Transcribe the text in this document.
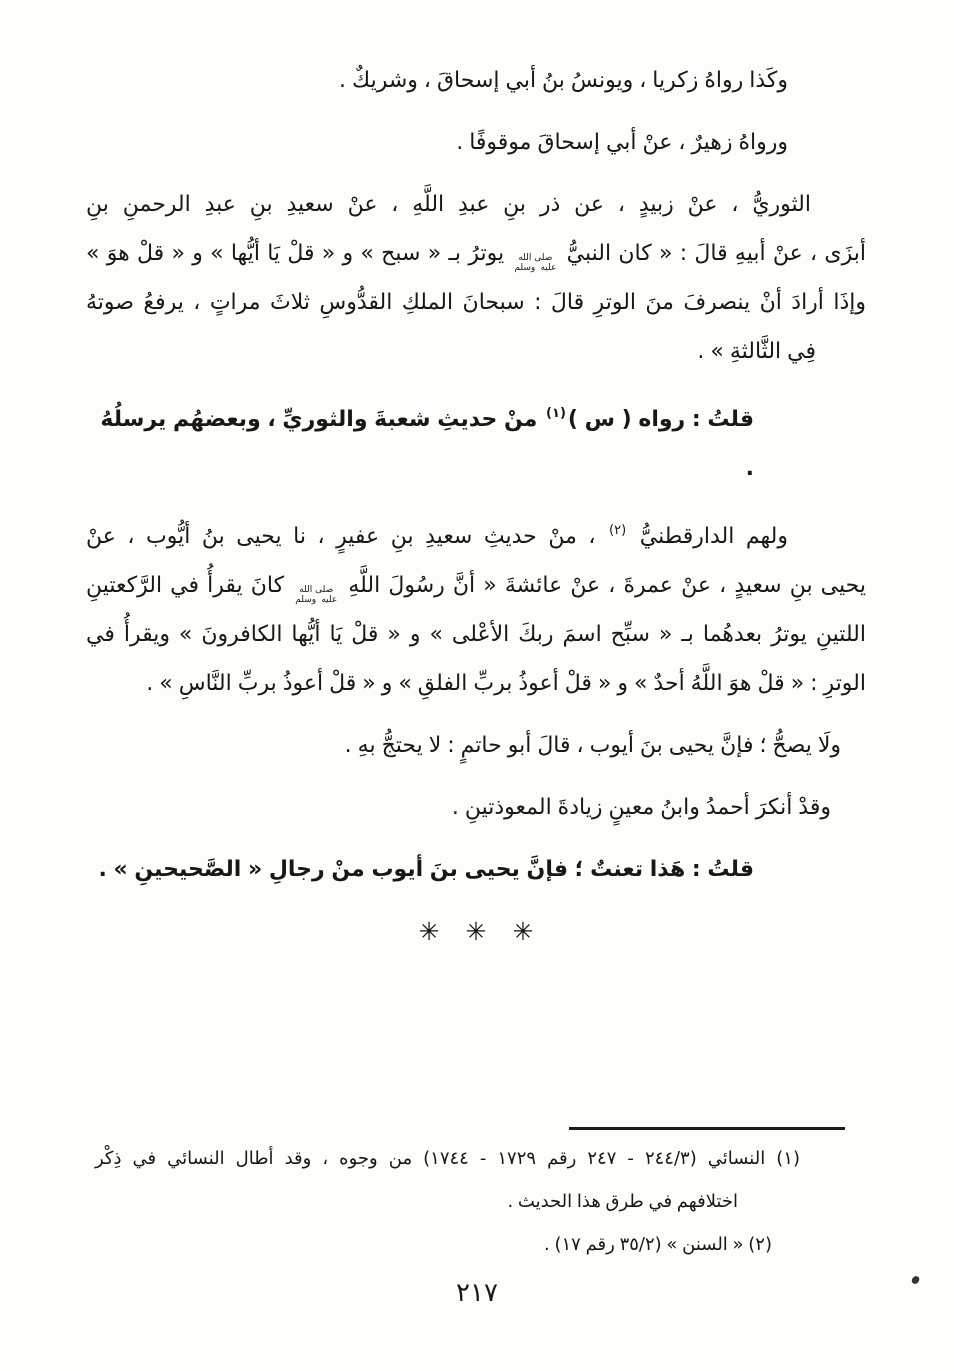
وكَذا رواهُ زكريا ، ويونسُ بنُ أبي إسحاقَ ، وشريكٌ .
ورواهُ زهيرٌ ، عنْ أبي إسحاقَ موقوفًا .
الثوريُّ ، عنْ زبيدٍ ، عن ذر بنِ عبدِ اللَّهِ ، عنْ سعيدِ بنِ عبدِ الرحمنِ بنِ
أبزَى ، عنْ أبيهِ قالَ : « كان النبيُّ صلى الله عليه وسلم يوترُ بـ « سبح » و « قلْ يَا أيُّها » و « قلْ هوَ »
وإذَا أرادَ أنْ ينصرفَ منَ الوترِ قالَ : سبحانَ الملكِ القدُّوسِ ثلاثَ مراتٍ ، يرفعُ صوتهُ
فِي الثَّالثةِ » .
قلتُ : رواه ( س )$^{(١)}$ منْ حديثِ شعبةَ والثوريِّ ، وبعضهُم يرسلُهُ .
ولهم الدارقطنيُّ $^{(٢)}$ ، منْ حديثِ سعيدِ بنِ عفيرٍ ، نا يحيى بنُ أيُّوب ، عنْ
يحيى بنِ سعيدٍ ، عنْ عمرةَ ، عنْ عائشةَ « أنَّ رسُولَ اللَّهِ صلى الله عليه وسلم كانَ يقرأُ في الرَّكعتينِ
اللتينِ يوترُ بعدهُما بـ « سبِّح اسمَ ربكَ الأعْلى » و « قلْ يَا أيُّها الكافرونَ » ويقرأُ في
الوترِ : « قلْ هوَ اللَّهُ أحدٌ » و « قلْ أعوذُ بربِّ الفلقِ » و « قلْ أعوذُ بربِّ النَّاسِ » .
ولَا يصحُّ ؛ فإنَّ يحيى بنَ أيوب ، قالَ أبو حاتمٍ : لا يحتجُّ بهِ .
وقدْ أنكرَ أحمدُ وابنُ معينٍ زيادةَ المعوذتينِ .
قلتُ : هَذا تعنتٌ ؛ فإنَّ يحيى بنَ أيوب منْ رجالِ « الصَّحيحينِ » .
✳
✳
✳
(١) النسائي (٢٤٤/٣ - ٢٤٧ رقم ١٧٢٩ - ١٧٤٤) من وجوه ، وقد أطال النسائي في ذِكْر
اختلافهم في طرق هذا الحديث .
(٢) « السنن » (٣٥/٢ رقم ١٧) .
٢١٧
